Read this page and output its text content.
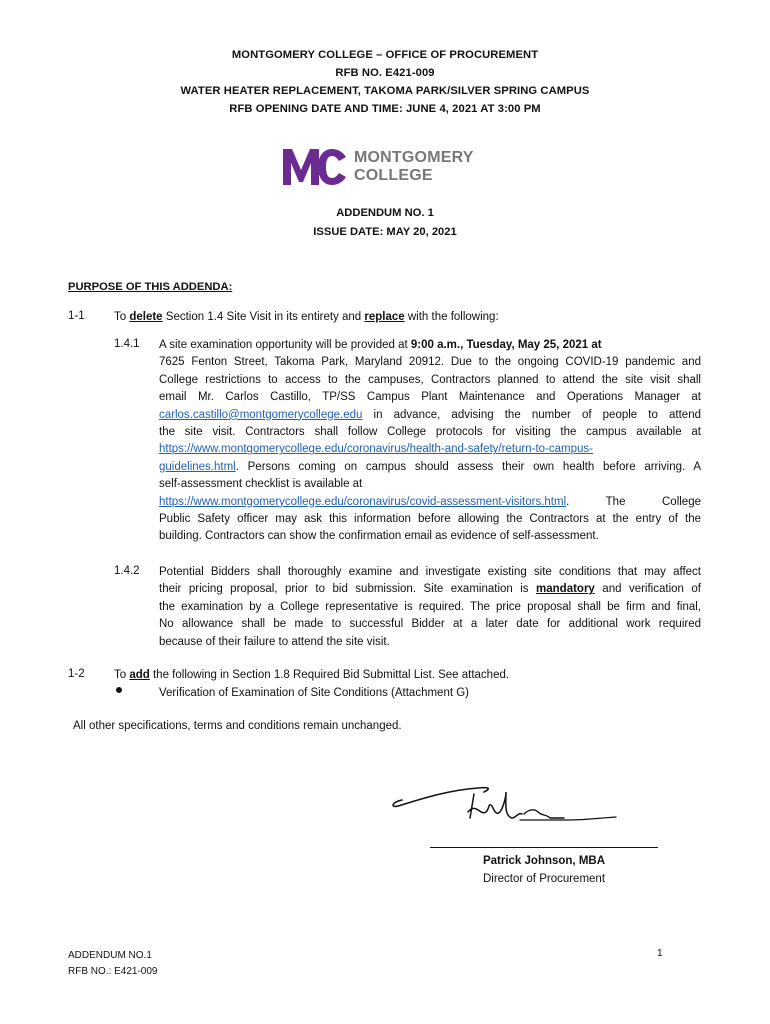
MONTGOMERY COLLEGE – OFFICE OF PROCUREMENT
RFB NO. E421-009
WATER HEATER REPLACEMENT, TAKOMA PARK/SILVER SPRING CAMPUS
RFB OPENING DATE AND TIME: JUNE 4, 2021 AT 3:00 PM
MONTGOMERY
COLLEGE
ADDENDUM NO. 1
ISSUE DATE: MAY 20, 2021
PURPOSE OF THIS ADDENDA:
1-1	To delete Section 1.4 Site Visit in its entirety and replace with the following:
1.4.1 A site examination opportunity will be provided at 9:00 a.m., Tuesday, May 25, 2021 at
7625 Fenton Street, Takoma Park, Maryland 20912. Due to the ongoing COVID-19 pandemic and
College restrictions to access to the campuses, Contractors planned to attend the site visit shall
email Mr. Carlos Castillo, TP/SS Campus Plant Maintenance and Operations Manager at
carlos.castillo@montgomerycollege.edu in advance, advising the number of people to attend
the site visit. Contractors shall follow College protocols for visiting the campus available at
https://www.montgomerycollege.edu/coronavirus/health-and-safety/return-to-campus-
guidelines.html. Persons coming on campus should assess their own health before arriving. A
self-assessment checklist is available at
https://www.montgomerycollege.edu/coronavirus/covid-assessment-visitors.html. The College
Public Safety officer may ask this information before allowing the Contractors at the entry of the
building. Contractors can show the confirmation email as evidence of self-assessment.
1.4.2 Potential Bidders shall thoroughly examine and investigate existing site conditions that may affect
their pricing proposal, prior to bid submission. Site examination is mandatory and verification of
the examination by a College representative is required. The price proposal shall be firm and final,
No allowance shall be made to successful Bidder at a later date for additional work required
because of their failure to attend the site visit.
1-2	To add the following in Section 1.8 Required Bid Submittal List. See attached.
Verification of Examination of Site Conditions (Attachment G)
All other specifications, terms and conditions remain unchanged.
Patrick Johnson, MBA
Director of Procurement
ADDENDUM NO.1
RFB NO.: E421-009
1
